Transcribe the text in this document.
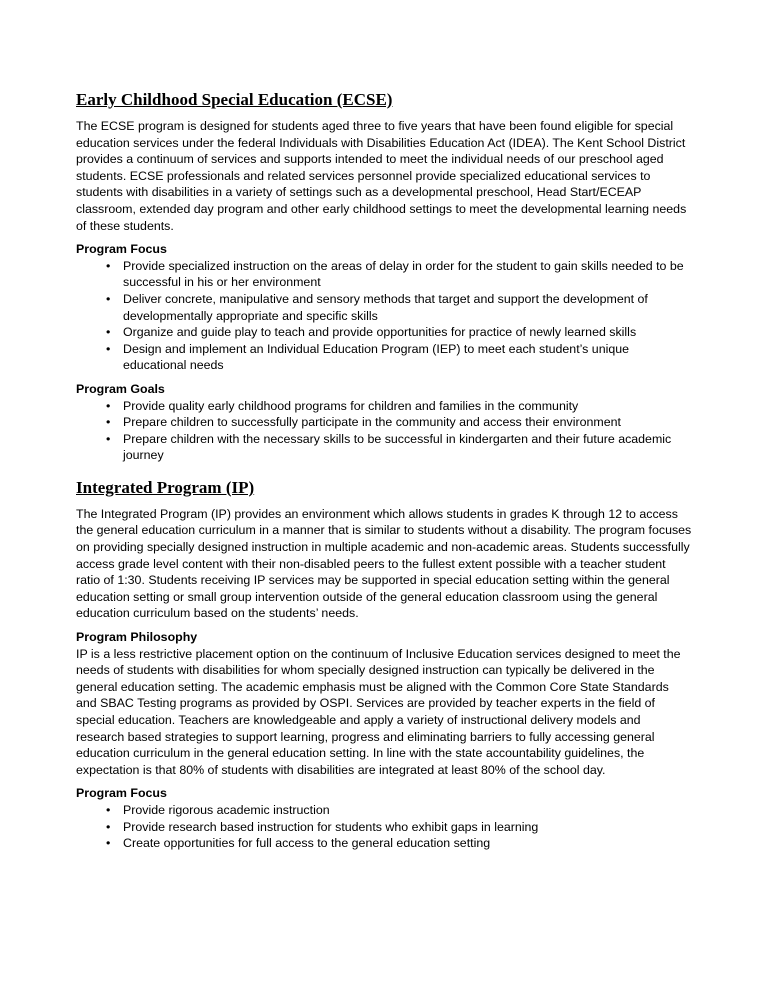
Early Childhood Special Education (ECSE)

The ECSE program is designed for students aged three to five years that have been found eligible for special education services under the federal Individuals with Disabilities Education Act (IDEA). The Kent School District provides a continuum of services and supports intended to meet the individual needs of our preschool aged students. ECSE professionals and related services personnel provide specialized educational services to students with disabilities in a variety of settings such as a developmental preschool, Head Start/ECEAP classroom, extended day program and other early childhood settings to meet the developmental learning needs of these students.

Program Focus
• Provide specialized instruction on the areas of delay in order for the student to gain skills needed to be successful in his or her environment
• Deliver concrete, manipulative and sensory methods that target and support the development of developmentally appropriate and specific skills
• Organize and guide play to teach and provide opportunities for practice of newly learned skills
• Design and implement an Individual Education Program (IEP) to meet each student’s unique educational needs
Program Goals
• Provide quality early childhood programs for children and families in the community
• Prepare children to successfully participate in the community and access their environment
• Prepare children with the necessary skills to be successful in kindergarten and their future academic journey
Integrated Program (IP)

The Integrated Program (IP) provides an environment which allows students in grades K through 12 to access the general education curriculum in a manner that is similar to students without a disability. The program focuses on providing specially designed instruction in multiple academic and non-academic areas. Students successfully access grade level content with their non-disabled peers to the fullest extent possible with a teacher student ratio of 1:30. Students receiving IP services may be supported in special education setting within the general education setting or small group intervention outside of the general education classroom using the general education curriculum based on the students’ needs.

Program Philosophy

IP is a less restrictive placement option on the continuum of Inclusive Education services designed to meet the needs of students with disabilities for whom specially designed instruction can typically be delivered in the general education setting. The academic emphasis must be aligned with the Common Core State Standards and SBAC Testing programs as provided by OSPI. Services are provided by teacher experts in the field of special education. Teachers are knowledgeable and apply a variety of instructional delivery models and research based strategies to support learning, progress and eliminating barriers to fully accessing general education curriculum in the general education setting. In line with the state accountability guidelines, the expectation is that 80% of students with disabilities are integrated at least 80% of the school day.

Program Focus
• Provide rigorous academic instruction
• Provide research based instruction for students who exhibit gaps in learning
• Create opportunities for full access to the general education setting
